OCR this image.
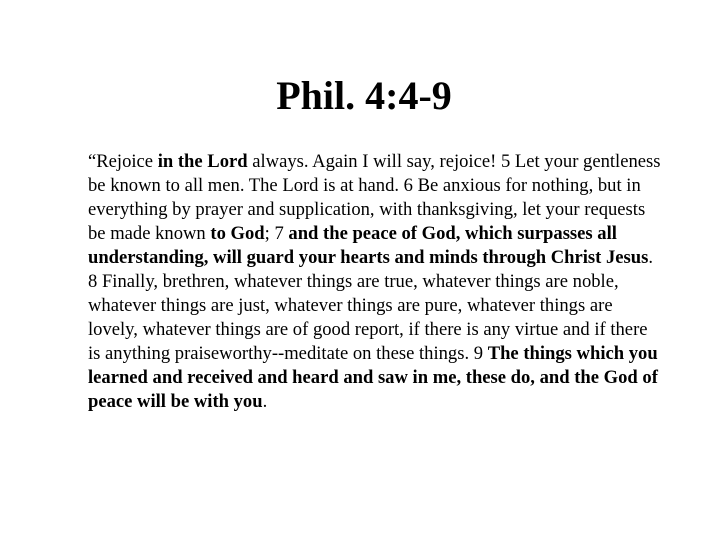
Phil. 4:4-9

“Rejoice in the Lord always. Again I will say, rejoice! 5 Let your gentleness be known to all men. The Lord is at hand. 6 Be anxious for nothing, but in everything by prayer and supplication, with thanksgiving, let your requests be made known to God; 7 and the peace of God, which surpasses all understanding, will guard your hearts and minds through Christ Jesus. 8 Finally, brethren, whatever things are true, whatever things are noble, whatever things are just, whatever things are pure, whatever things are lovely, whatever things are of good report, if there is any virtue and if there is anything praiseworthy--meditate on these things. 9 The things which you learned and received and heard and saw in me, these do, and the God of peace will be with you.
